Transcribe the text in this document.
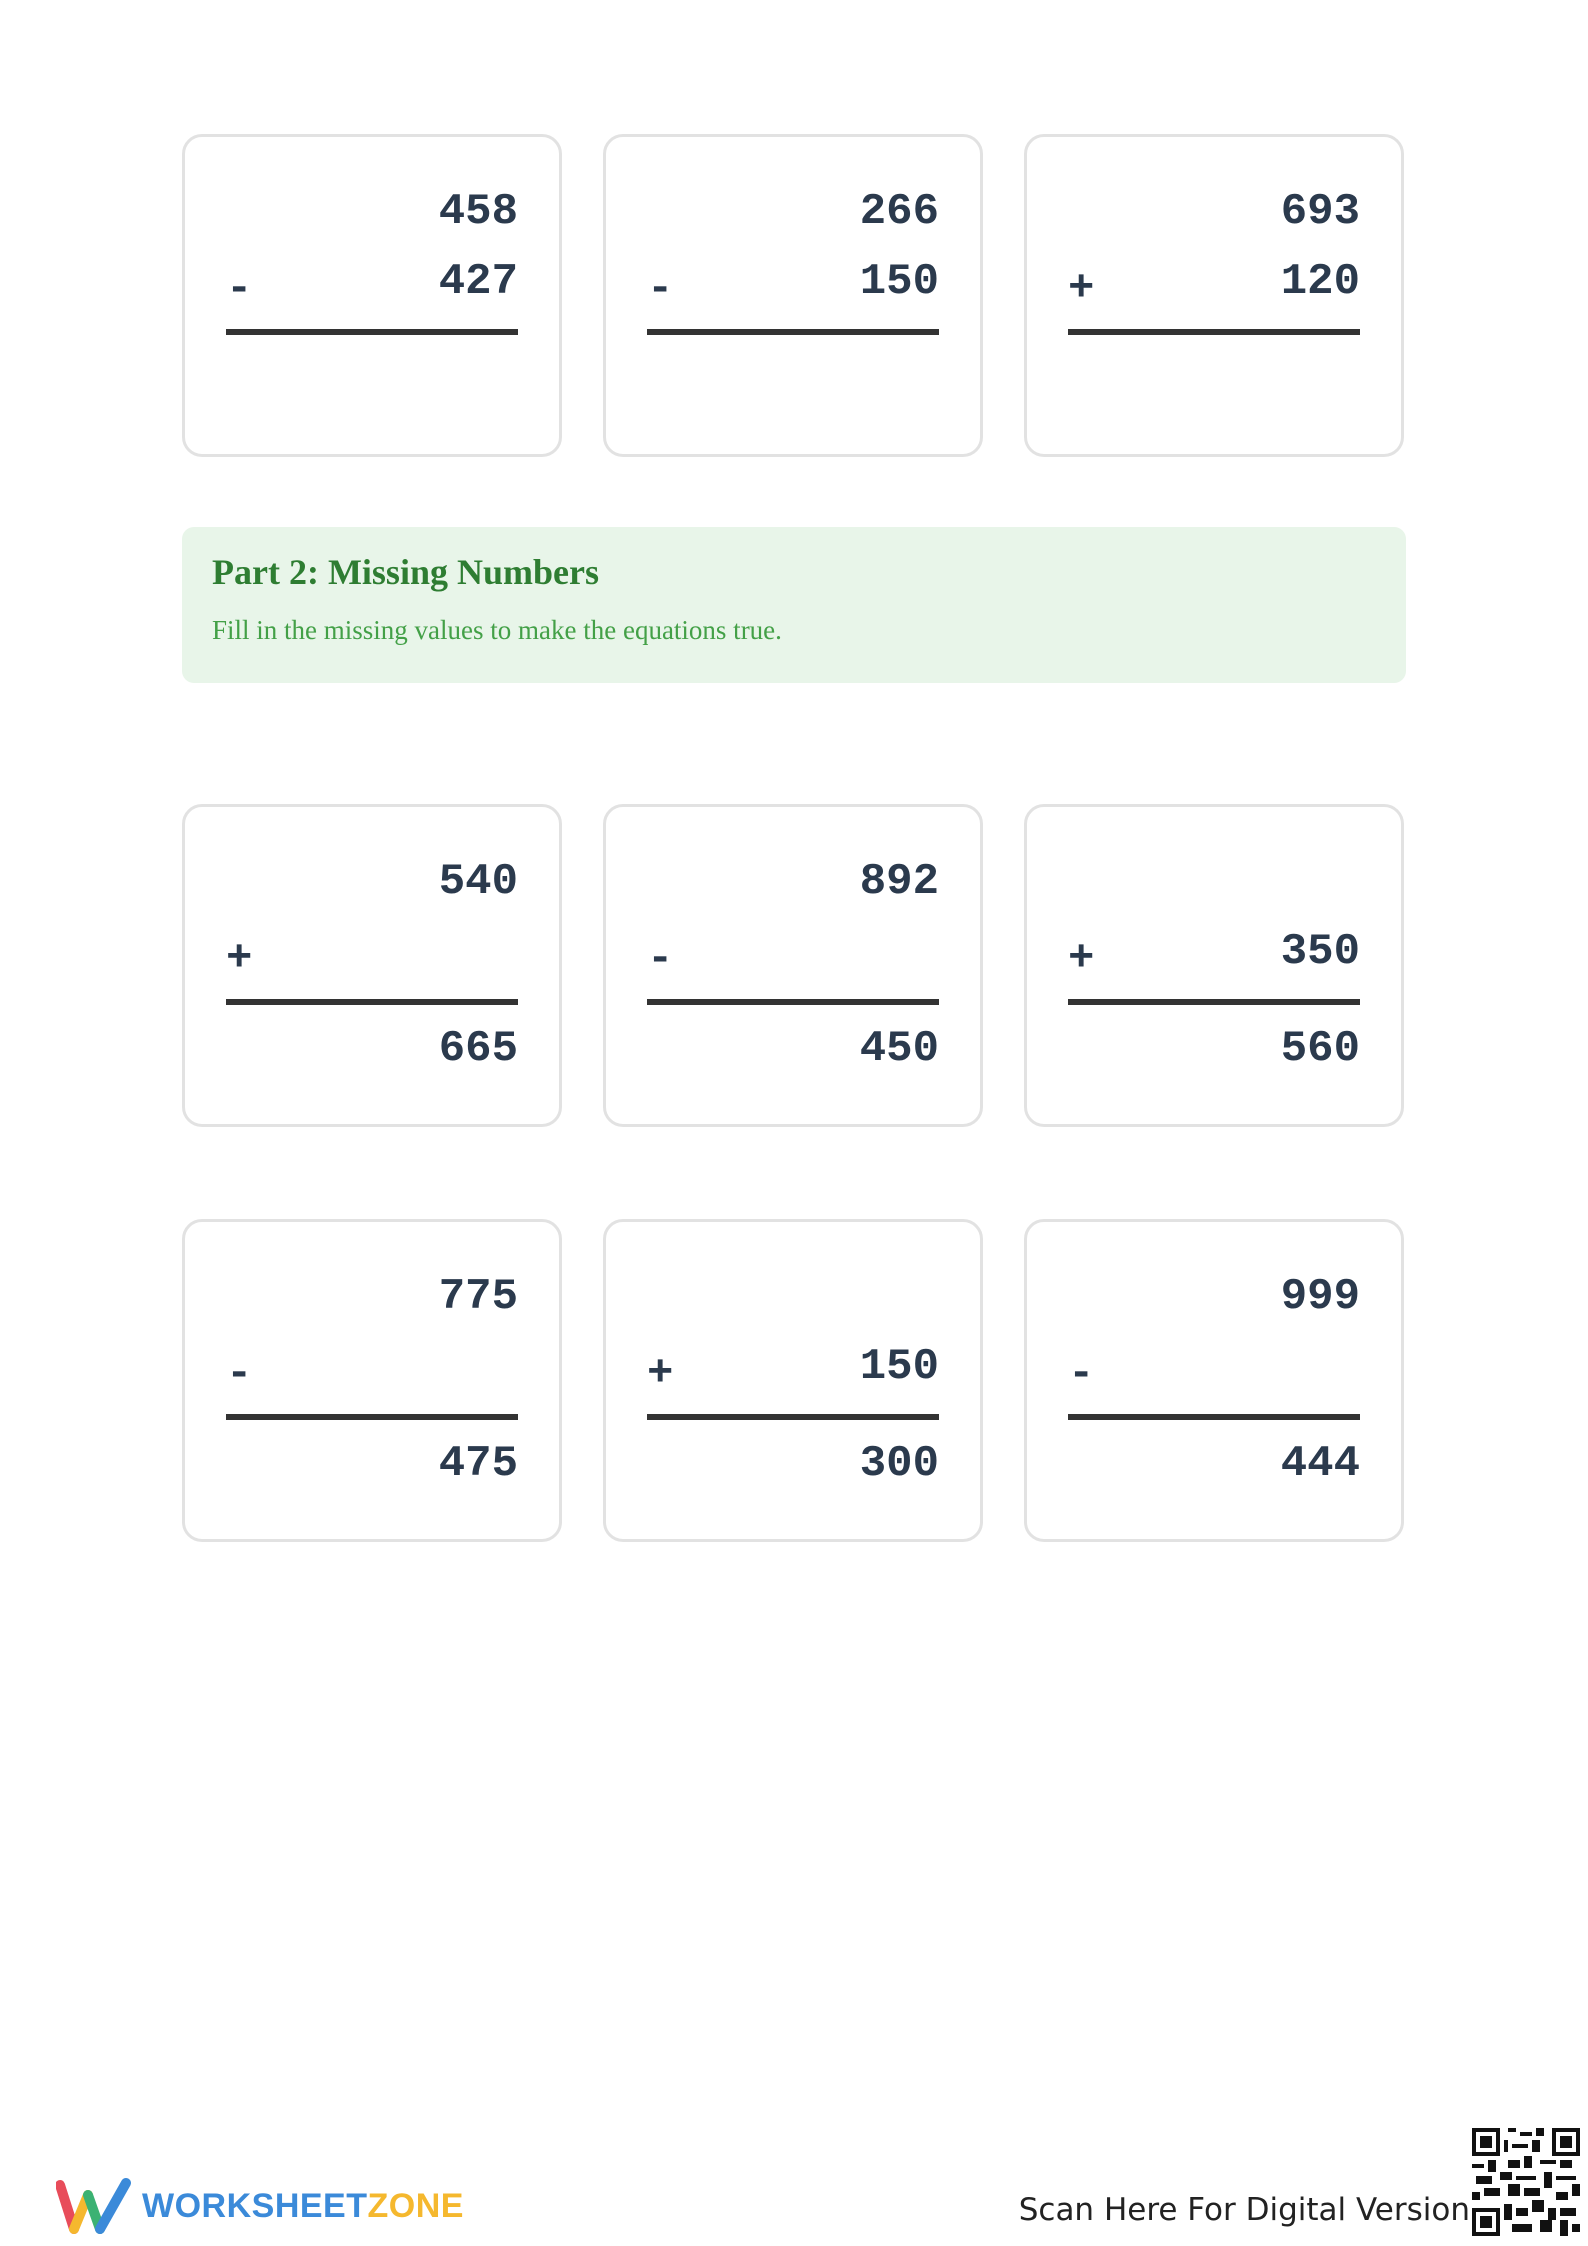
458
-	427
266
-	150
693
+	120
Part 2: Missing Numbers

Fill in the missing values to make the equations true.

540
+
665
892
-
450
+	350
560
775
-
475
+	150
300
999
-
444
WORKSHEETZONE	Scan Here For Digital Version
